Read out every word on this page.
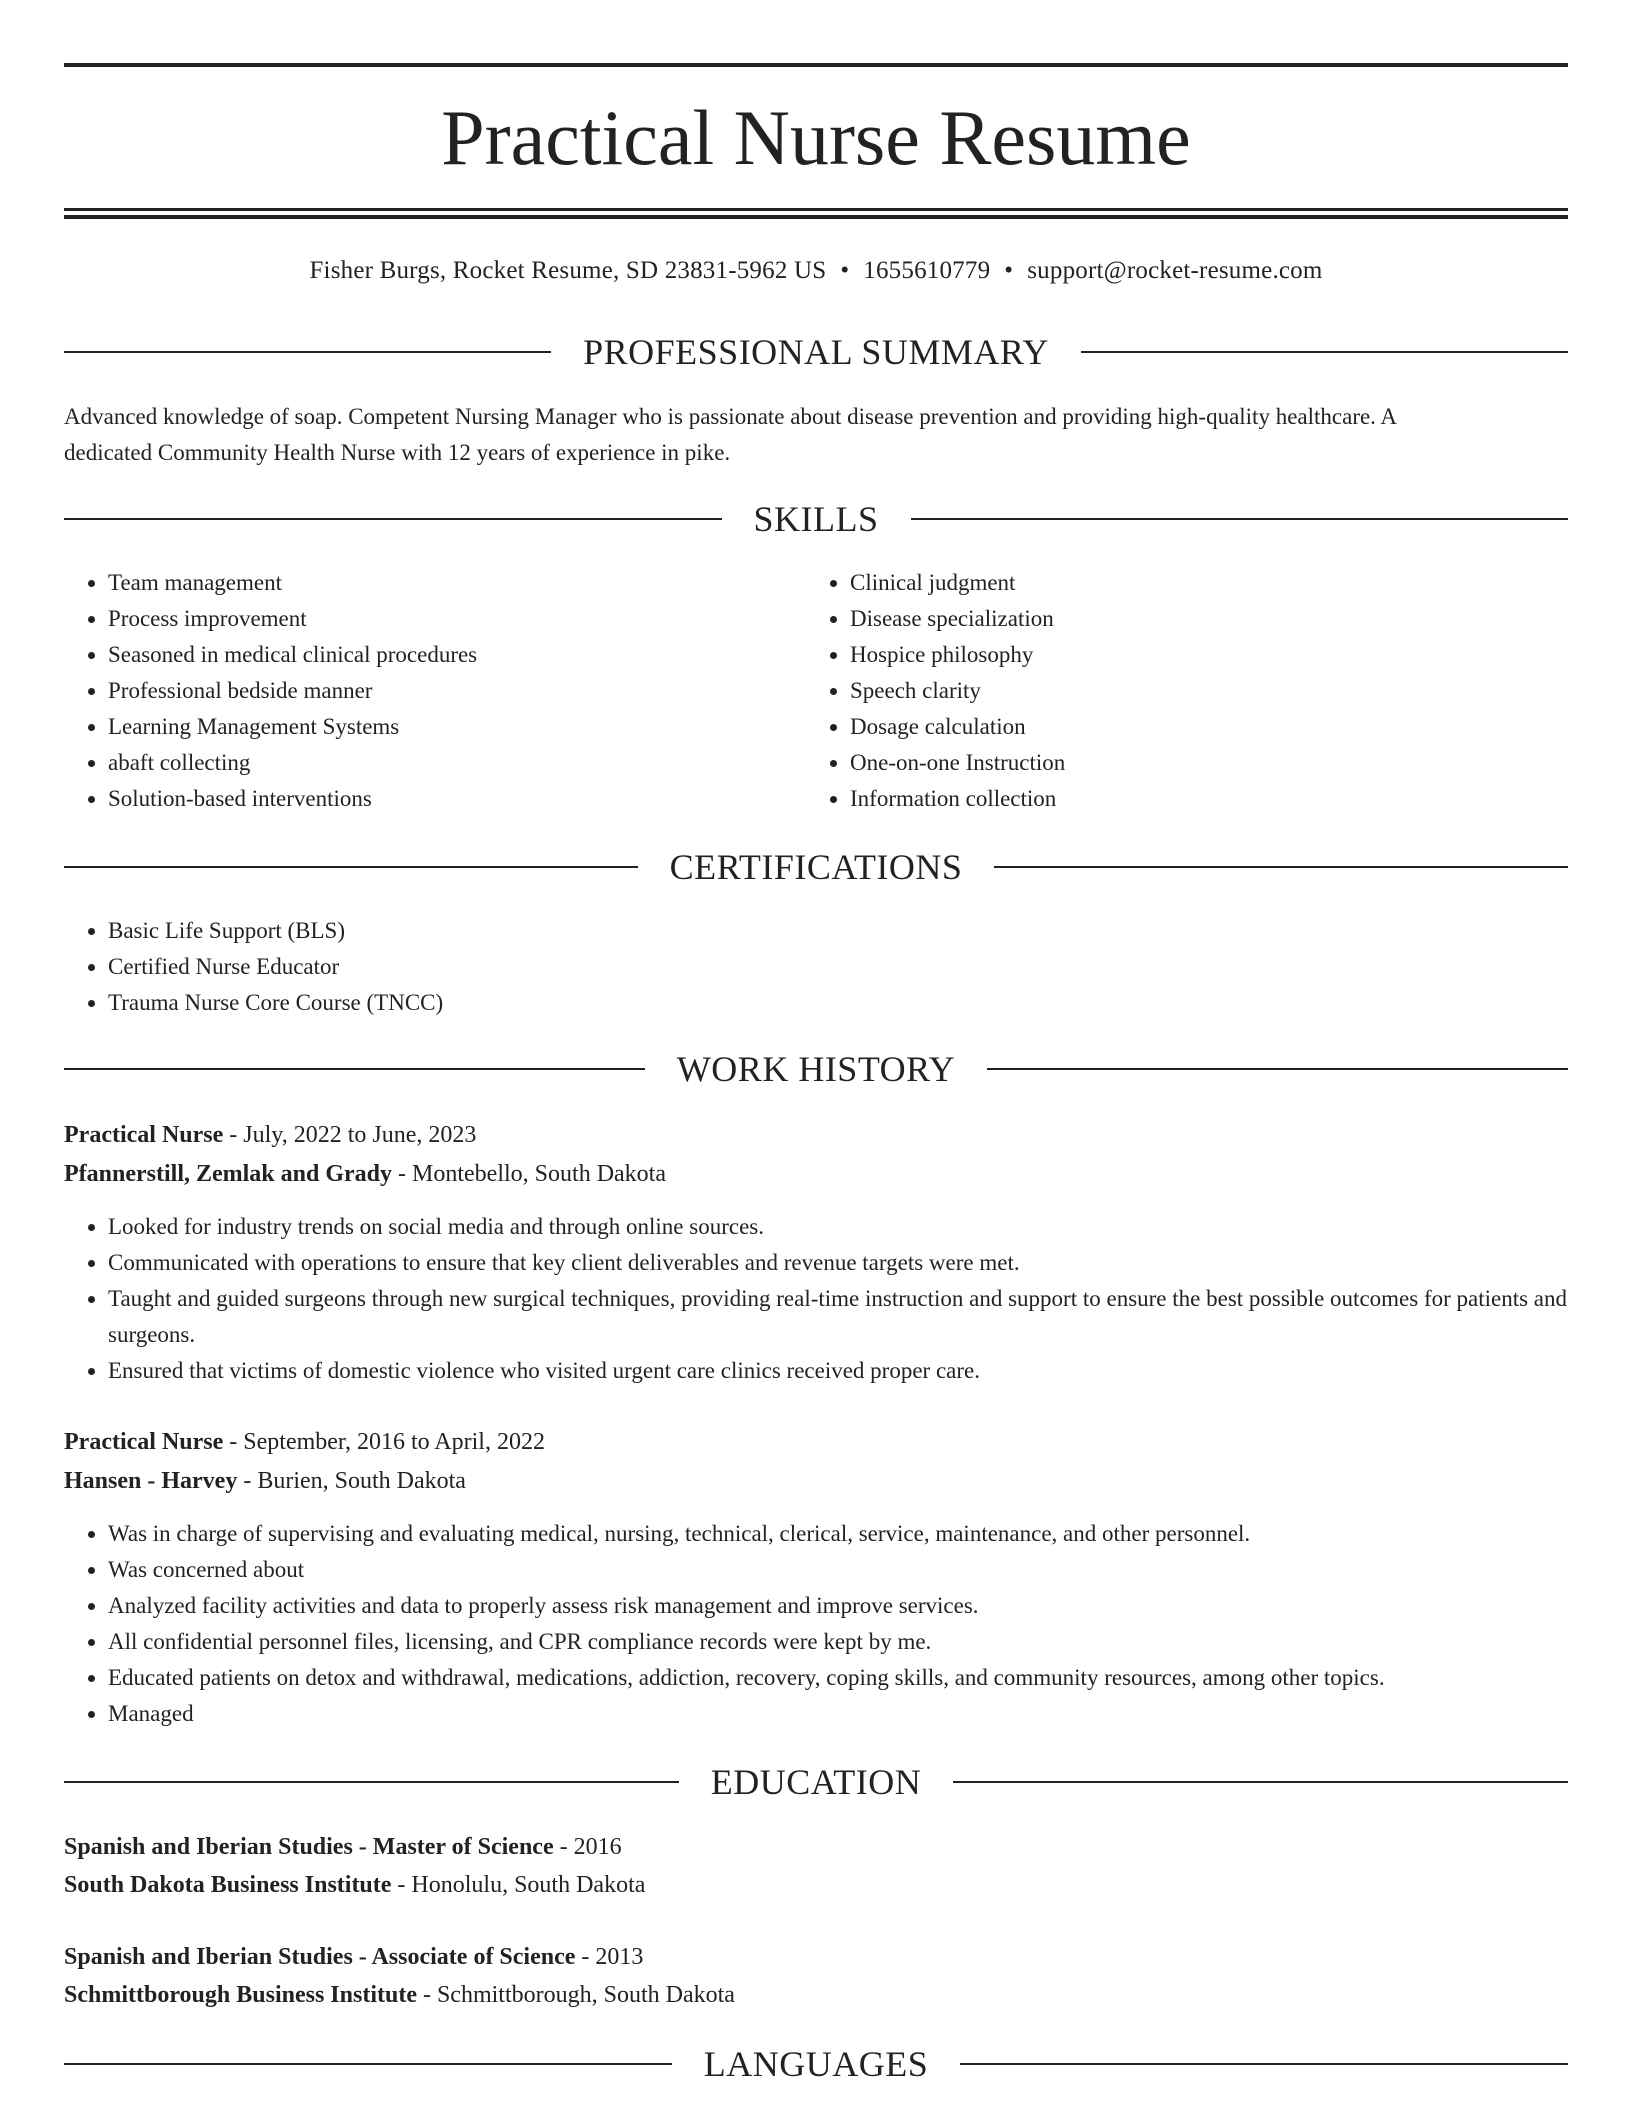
Practical Nurse Resume
Fisher Burgs, Rocket Resume, SD 23831-5962 US • 1655610779 • support@rocket-resume.com
PROFESSIONAL SUMMARY
Advanced knowledge of soap. Competent Nursing Manager who is passionate about disease prevention and providing high-quality healthcare. A
dedicated Community Health Nurse with 12 years of experience in pike.
SKILLS
• Team management
• Process improvement
• Seasoned in medical clinical procedures
• Professional bedside manner
• Learning Management Systems
• abaft collecting
• Solution-based interventions
• Clinical judgment
• Disease specialization
• Hospice philosophy
• Speech clarity
• Dosage calculation
• One-on-one Instruction
• Information collection
CERTIFICATIONS
• Basic Life Support (BLS)
• Certified Nurse Educator
• Trauma Nurse Core Course (TNCC)
WORK HISTORY
Practical Nurse - July, 2022 to June, 2023
Pfannerstill, Zemlak and Grady - Montebello, South Dakota
• Looked for industry trends on social media and through online sources.
• Communicated with operations to ensure that key client deliverables and revenue targets were met.
• Taught and guided surgeons through new surgical techniques, providing real-time instruction and support to ensure the best possible outcomes for patients and surgeons.
• Ensured that victims of domestic violence who visited urgent care clinics received proper care.
Practical Nurse - September, 2016 to April, 2022
Hansen - Harvey - Burien, South Dakota
• Was in charge of supervising and evaluating medical, nursing, technical, clerical, service, maintenance, and other personnel.
• Was concerned about
• Analyzed facility activities and data to properly assess risk management and improve services.
• All confidential personnel files, licensing, and CPR compliance records were kept by me.
• Educated patients on detox and withdrawal, medications, addiction, recovery, coping skills, and community resources, among other topics.
• Managed
EDUCATION
Spanish and Iberian Studies - Master of Science - 2016
South Dakota Business Institute - Honolulu, South Dakota
Spanish and Iberian Studies - Associate of Science - 2013
Schmittborough Business Institute - Schmittborough, South Dakota
LANGUAGES
